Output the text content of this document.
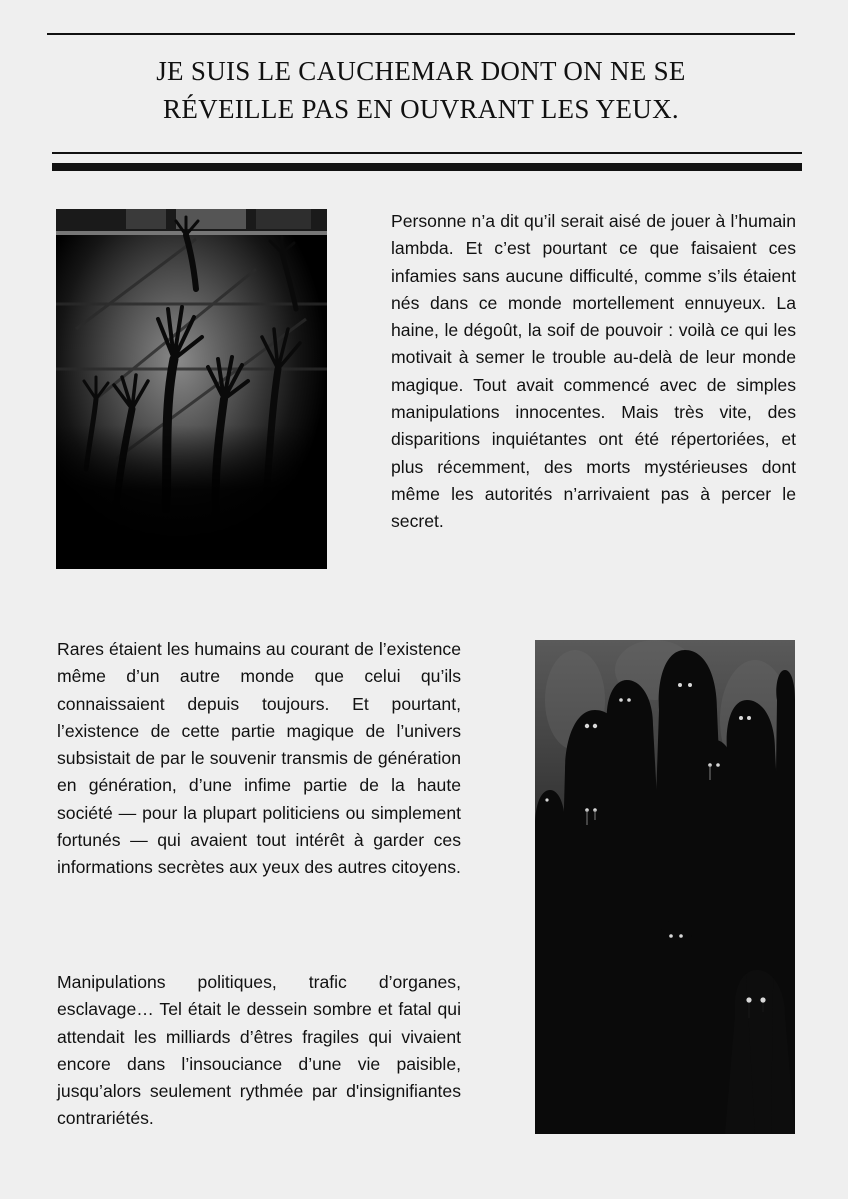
JE SUIS LE CAUCHEMAR DONT ON NE SE
RÉVEILLE PAS EN OUVRANT LES YEUX.

Personne n’a dit qu’il serait aisé de jouer à l’humain lambda. Et c’est pourtant ce que faisaient ces infamies sans aucune difficulté, comme s’ils étaient nés dans ce monde mortellement ennuyeux. La haine, le dégoût, la soif de pouvoir : voilà ce qui les motivait à semer le trouble au-delà de leur monde magique. Tout avait commencé avec de simples manipulations innocentes. Mais très vite, des disparitions inquiétantes ont été répertoriées, et plus récemment, des morts mystérieuses dont même les autorités n’arrivaient pas à percer le secret.

Rares étaient les humains au courant de l’existence même d’un autre monde que celui qu’ils connaissaient depuis toujours. Et pourtant, l’existence de cette partie magique de l’univers subsistait de par le souvenir transmis de génération en génération, d’une infime partie de la haute société — pour la plupart politiciens ou simplement fortunés — qui avaient tout intérêt à garder ces informations secrètes aux yeux des autres citoyens.

Manipulations politiques, trafic d’organes, esclavage… Tel était le dessein sombre et fatal qui attendait les milliards d’êtres fragiles qui vivaient encore dans l’insouciance d’une vie paisible, jusqu’alors seulement rythmée par d'insignifiantes contrariétés.
